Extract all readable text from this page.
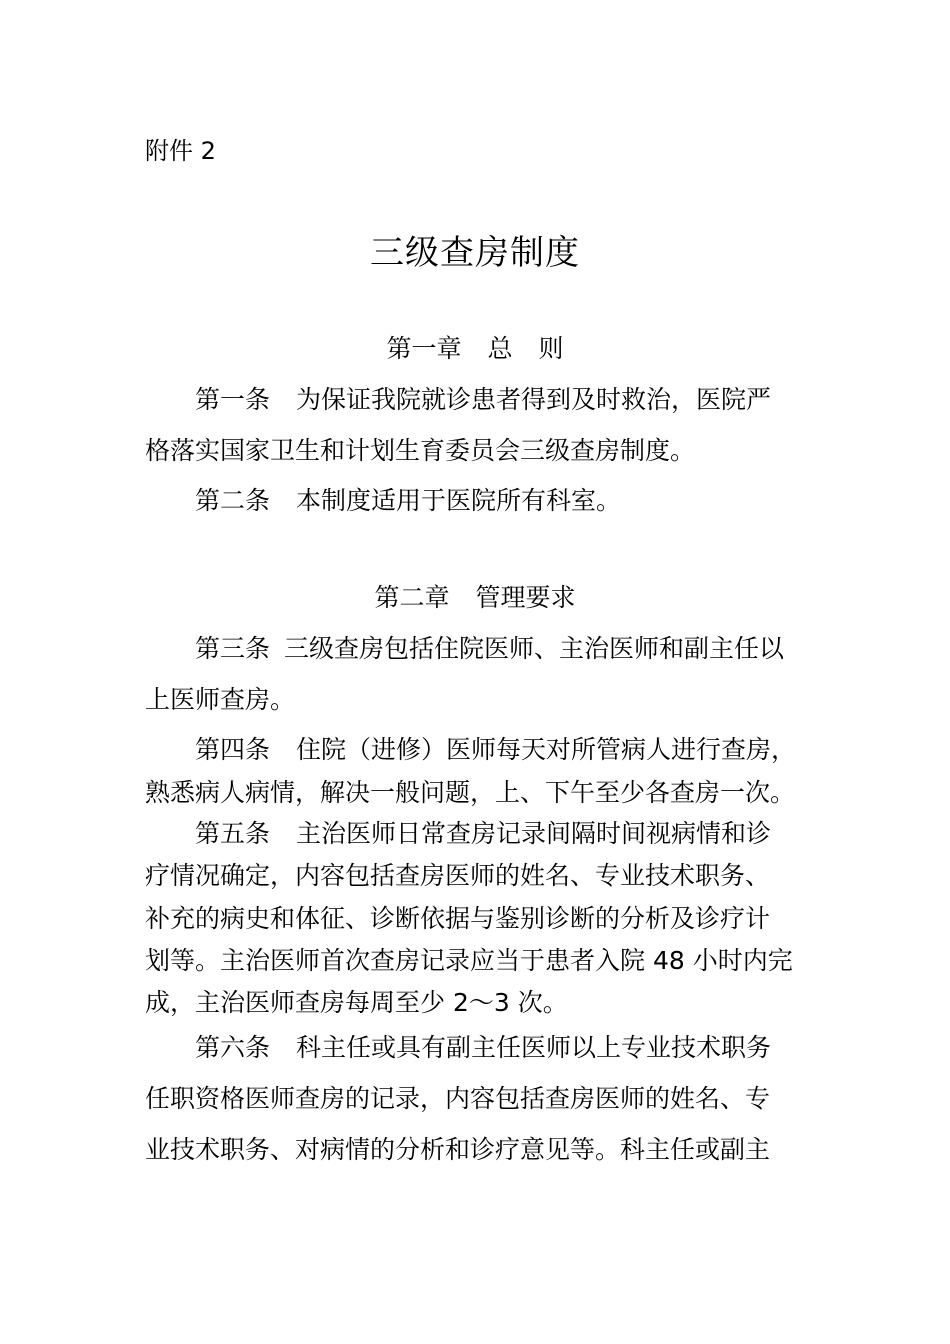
附件 2
三级查房制度
第一章 总 则
第一条 为保证我院就诊患者得到及时救治，医院严
格落实国家卫生和计划生育委员会三级查房制度。
第二条 本制度适用于医院所有科室。
第二章 管理要求
第三条 三级查房包括住院医师、主治医师和副主任以
上医师查房。
第四条 住院（进修）医师每天对所管病人进行查房，
熟悉病人病情，解决一般问题，上、下午至少各查房一次。
第五条 主治医师日常查房记录间隔时间视病情和诊
疗情况确定，内容包括查房医师的姓名、专业技术职务、
补充的病史和体征、诊断依据与鉴别诊断的分析及诊疗计
划等。主治医师首次查房记录应当于患者入院 48 小时内完
成，主治医师查房每周至少 2～3 次。
第六条 科主任或具有副主任医师以上专业技术职务
任职资格医师查房的记录，内容包括查房医师的姓名、专
业技术职务、对病情的分析和诊疗意见等。科主任或副主
